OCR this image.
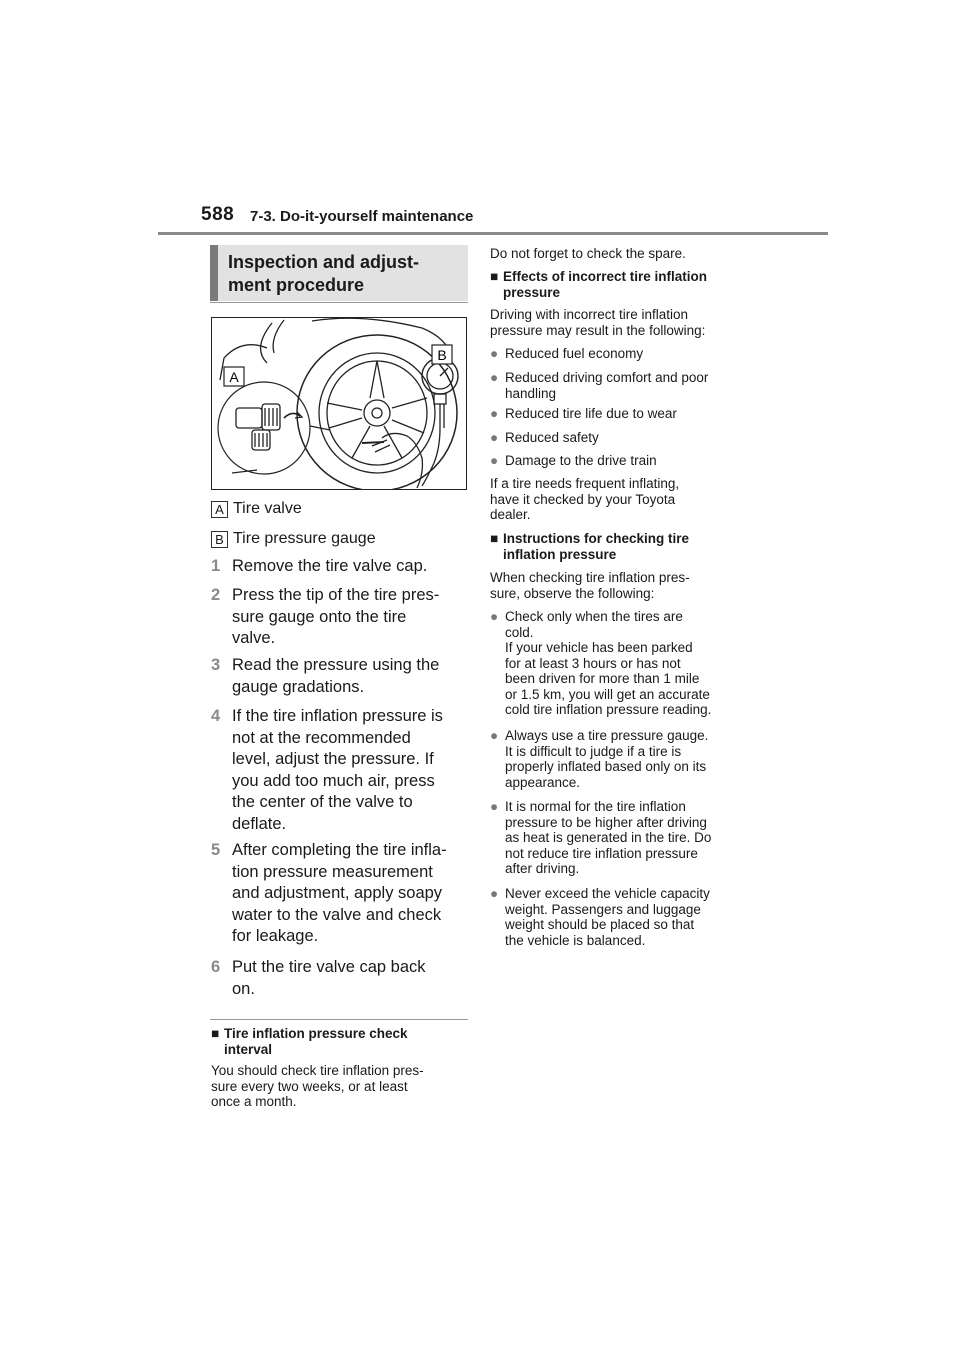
588 7-3. Do-it-yourself maintenance
Inspection and adjust-
ment procedure
A
B
A Tire valve
B Tire pressure gauge
1 Remove the tire valve cap.
2 Press the tip of the tire pres-
sure gauge onto the tire
valve.
3 Read the pressure using the
gauge gradations.
4 If the tire inflation pressure is
not at the recommended
level, adjust the pressure. If
you add too much air, press
the center of the valve to
deflate.
5 After completing the tire infla-
tion pressure measurement
and adjustment, apply soapy
water to the valve and check
for leakage.
6 Put the tire valve cap back
on.
■ Tire inflation pressure check
interval
You should check tire inflation pres-
sure every two weeks, or at least
once a month.
Do not forget to check the spare.
■ Effects of incorrect tire inflation
pressure
Driving with incorrect tire inflation
pressure may result in the following:
● Reduced fuel economy
● Reduced driving comfort and poor
handling
● Reduced tire life due to wear
● Reduced safety
● Damage to the drive train
If a tire needs frequent inflating,
have it checked by your Toyota
dealer.
■ Instructions for checking tire
inflation pressure
When checking tire inflation pres-
sure, observe the following:
● Check only when the tires are
cold.
If your vehicle has been parked
for at least 3 hours or has not
been driven for more than 1 mile
or 1.5 km, you will get an accurate
cold tire inflation pressure reading.
● Always use a tire pressure gauge.
It is difficult to judge if a tire is
properly inflated based only on its
appearance.
● It is normal for the tire inflation
pressure to be higher after driving
as heat is generated in the tire. Do
not reduce tire inflation pressure
after driving.
● Never exceed the vehicle capacity
weight. Passengers and luggage
weight should be placed so that
the vehicle is balanced.
